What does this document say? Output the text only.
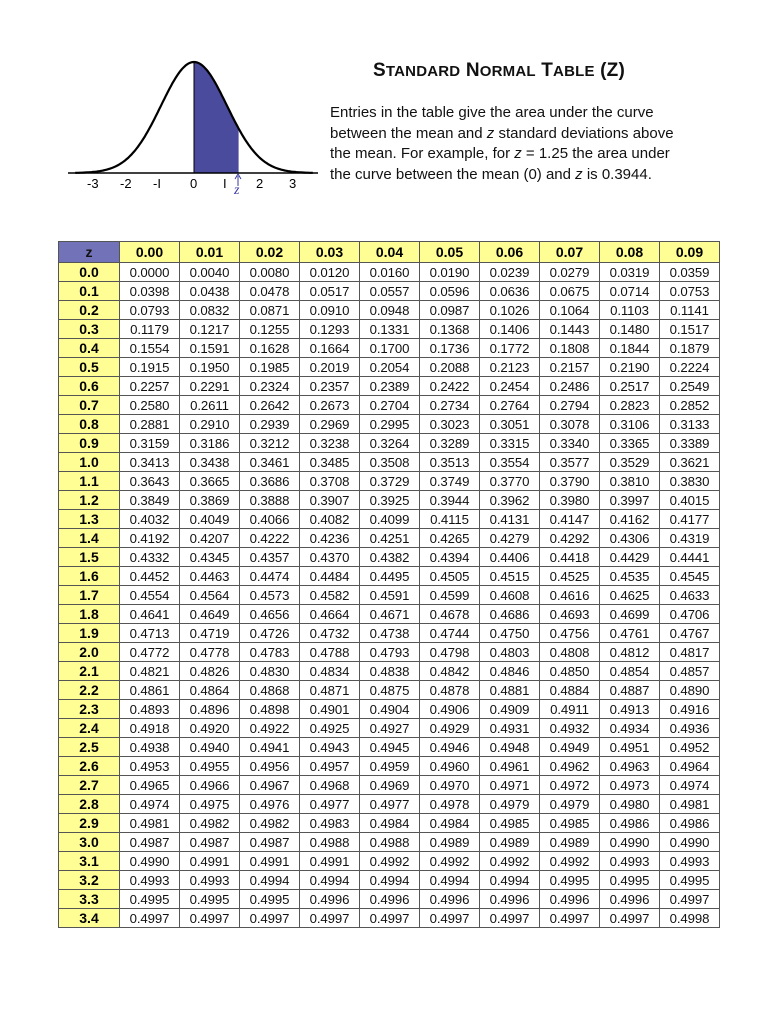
-3 -2 -I 0 I 2 3
z
STANDARD NORMAL TABLE (Z)
Entries in the table give the area under the curve
between the mean and z standard deviations above
the mean. For example, for z = 1.25 the area under
the curve between the mean (0) and z is 0.3944.
z	0.00	0.01	0.02	0.03	0.04	0.05	0.06	0.07	0.08	0.09
0.0	0.0000	0.0040	0.0080	0.0120	0.0160	0.0190	0.0239	0.0279	0.0319	0.0359
0.1	0.0398	0.0438	0.0478	0.0517	0.0557	0.0596	0.0636	0.0675	0.0714	0.0753
0.2	0.0793	0.0832	0.0871	0.0910	0.0948	0.0987	0.1026	0.1064	0.1103	0.1141
0.3	0.1179	0.1217	0.1255	0.1293	0.1331	0.1368	0.1406	0.1443	0.1480	0.1517
0.4	0.1554	0.1591	0.1628	0.1664	0.1700	0.1736	0.1772	0.1808	0.1844	0.1879
0.5	0.1915	0.1950	0.1985	0.2019	0.2054	0.2088	0.2123	0.2157	0.2190	0.2224
0.6	0.2257	0.2291	0.2324	0.2357	0.2389	0.2422	0.2454	0.2486	0.2517	0.2549
0.7	0.2580	0.2611	0.2642	0.2673	0.2704	0.2734	0.2764	0.2794	0.2823	0.2852
0.8	0.2881	0.2910	0.2939	0.2969	0.2995	0.3023	0.3051	0.3078	0.3106	0.3133
0.9	0.3159	0.3186	0.3212	0.3238	0.3264	0.3289	0.3315	0.3340	0.3365	0.3389
1.0	0.3413	0.3438	0.3461	0.3485	0.3508	0.3513	0.3554	0.3577	0.3529	0.3621
1.1	0.3643	0.3665	0.3686	0.3708	0.3729	0.3749	0.3770	0.3790	0.3810	0.3830
1.2	0.3849	0.3869	0.3888	0.3907	0.3925	0.3944	0.3962	0.3980	0.3997	0.4015
1.3	0.4032	0.4049	0.4066	0.4082	0.4099	0.4115	0.4131	0.4147	0.4162	0.4177
1.4	0.4192	0.4207	0.4222	0.4236	0.4251	0.4265	0.4279	0.4292	0.4306	0.4319
1.5	0.4332	0.4345	0.4357	0.4370	0.4382	0.4394	0.4406	0.4418	0.4429	0.4441
1.6	0.4452	0.4463	0.4474	0.4484	0.4495	0.4505	0.4515	0.4525	0.4535	0.4545
1.7	0.4554	0.4564	0.4573	0.4582	0.4591	0.4599	0.4608	0.4616	0.4625	0.4633
1.8	0.4641	0.4649	0.4656	0.4664	0.4671	0.4678	0.4686	0.4693	0.4699	0.4706
1.9	0.4713	0.4719	0.4726	0.4732	0.4738	0.4744	0.4750	0.4756	0.4761	0.4767
2.0	0.4772	0.4778	0.4783	0.4788	0.4793	0.4798	0.4803	0.4808	0.4812	0.4817
2.1	0.4821	0.4826	0.4830	0.4834	0.4838	0.4842	0.4846	0.4850	0.4854	0.4857
2.2	0.4861	0.4864	0.4868	0.4871	0.4875	0.4878	0.4881	0.4884	0.4887	0.4890
2.3	0.4893	0.4896	0.4898	0.4901	0.4904	0.4906	0.4909	0.4911	0.4913	0.4916
2.4	0.4918	0.4920	0.4922	0.4925	0.4927	0.4929	0.4931	0.4932	0.4934	0.4936
2.5	0.4938	0.4940	0.4941	0.4943	0.4945	0.4946	0.4948	0.4949	0.4951	0.4952
2.6	0.4953	0.4955	0.4956	0.4957	0.4959	0.4960	0.4961	0.4962	0.4963	0.4964
2.7	0.4965	0.4966	0.4967	0.4968	0.4969	0.4970	0.4971	0.4972	0.4973	0.4974
2.8	0.4974	0.4975	0.4976	0.4977	0.4977	0.4978	0.4979	0.4979	0.4980	0.4981
2.9	0.4981	0.4982	0.4982	0.4983	0.4984	0.4984	0.4985	0.4985	0.4986	0.4986
3.0	0.4987	0.4987	0.4987	0.4988	0.4988	0.4989	0.4989	0.4989	0.4990	0.4990
3.1	0.4990	0.4991	0.4991	0.4991	0.4992	0.4992	0.4992	0.4992	0.4993	0.4993
3.2	0.4993	0.4993	0.4994	0.4994	0.4994	0.4994	0.4994	0.4995	0.4995	0.4995
3.3	0.4995	0.4995	0.4995	0.4996	0.4996	0.4996	0.4996	0.4996	0.4996	0.4997
3.4	0.4997	0.4997	0.4997	0.4997	0.4997	0.4997	0.4997	0.4997	0.4997	0.4998
